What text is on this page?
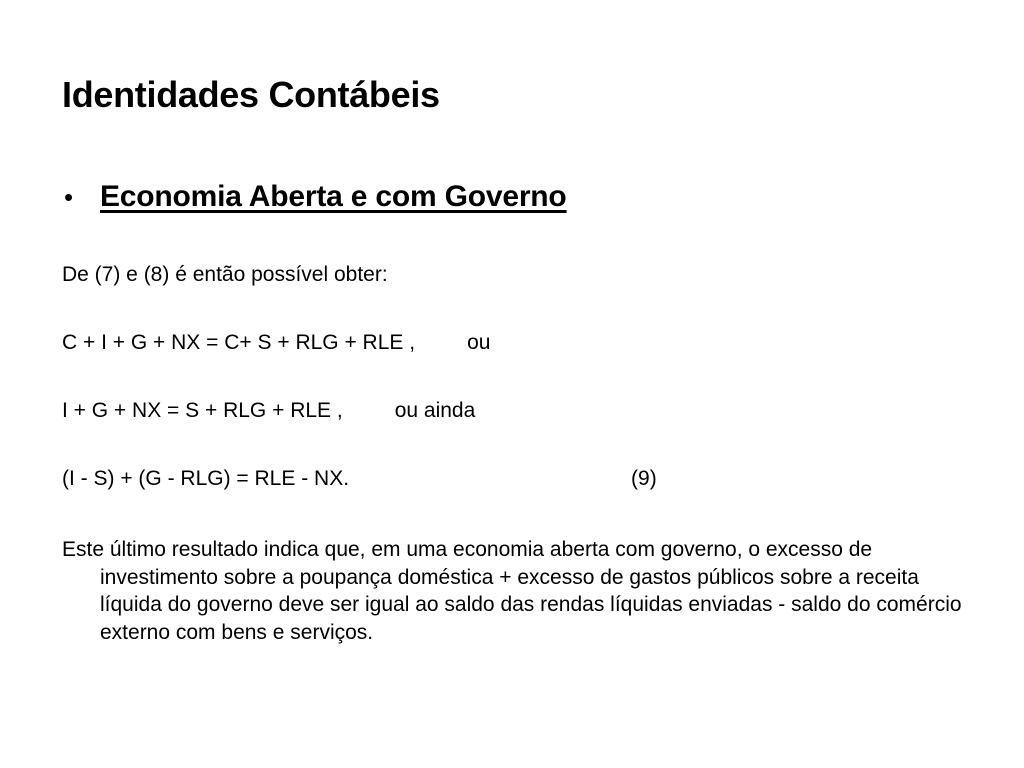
Identidades Contábeis
• Economia Aberta e com Governo
De (7) e (8) é então possível obter:
C + I + G + NX = C+ S + RLG + RLE , ou
I + G + NX = S + RLG + RLE , ou ainda
(I - S) + (G - RLG) = RLE - NX.	(9)
Este último resultado indica que, em uma economia aberta com governo, o excesso de investimento sobre a poupança doméstica + excesso de gastos públicos sobre a receita líquida do governo deve ser igual ao saldo das rendas líquidas enviadas - saldo do comércio externo com bens e serviços.
